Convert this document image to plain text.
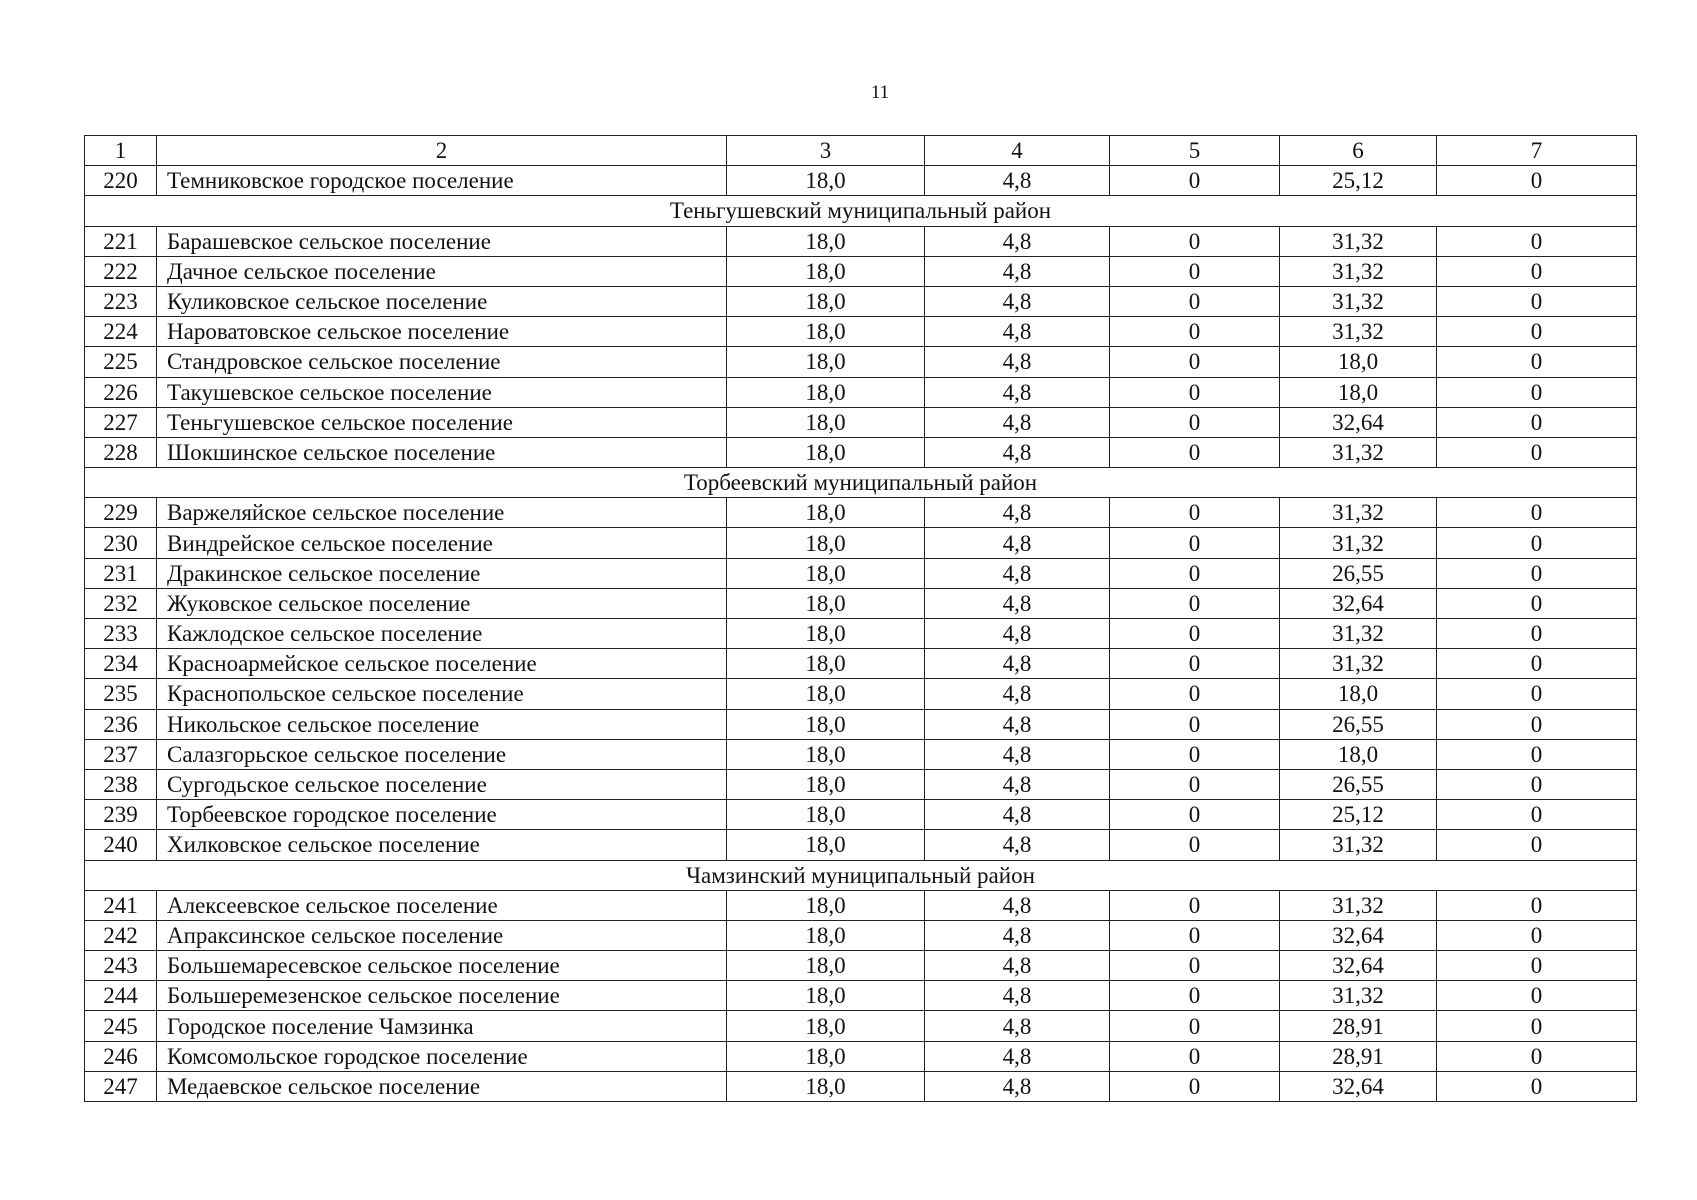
11
1	2	3	4	5	6	7
220	Темниковское городское поселение	18,0	4,8	0	25,12	0
Теньгушевский муниципальный район						
221	Барашевское сельское поселение	18,0	4,8	0	31,32	0
222	Дачное сельское поселение	18,0	4,8	0	31,32	0
223	Куликовское сельское поселение	18,0	4,8	0	31,32	0
224	Нароватовское сельское поселение	18,0	4,8	0	31,32	0
225	Стандровское сельское поселение	18,0	4,8	0	18,0	0
226	Такушевское сельское поселение	18,0	4,8	0	18,0	0
227	Теньгушевское сельское поселение	18,0	4,8	0	32,64	0
228	Шокшинское сельское поселение	18,0	4,8	0	31,32	0
Торбеевский муниципальный район						
229	Варжеляйское сельское поселение	18,0	4,8	0	31,32	0
230	Виндрейское сельское поселение	18,0	4,8	0	31,32	0
231	Дракинское сельское поселение	18,0	4,8	0	26,55	0
232	Жуковское сельское поселение	18,0	4,8	0	32,64	0
233	Кажлодское сельское поселение	18,0	4,8	0	31,32	0
234	Красноармейское сельское поселение	18,0	4,8	0	31,32	0
235	Краснопольское сельское поселение	18,0	4,8	0	18,0	0
236	Никольское сельское поселение	18,0	4,8	0	26,55	0
237	Салазгорьское сельское поселение	18,0	4,8	0	18,0	0
238	Сургодьское сельское поселение	18,0	4,8	0	26,55	0
239	Торбеевское городское поселение	18,0	4,8	0	25,12	0
240	Хилковское сельское поселение	18,0	4,8	0	31,32	0
Чамзинский муниципальный район						
241	Алексеевское сельское поселение	18,0	4,8	0	31,32	0
242	Апраксинское сельское поселение	18,0	4,8	0	32,64	0
243	Большемаресевское сельское поселение	18,0	4,8	0	32,64	0
244	Большеремезенское сельское поселение	18,0	4,8	0	31,32	0
245	Городское поселение Чамзинка	18,0	4,8	0	28,91	0
246	Комсомольское городское поселение	18,0	4,8	0	28,91	0
247	Медаевское сельское поселение	18,0	4,8	0	32,64	0
